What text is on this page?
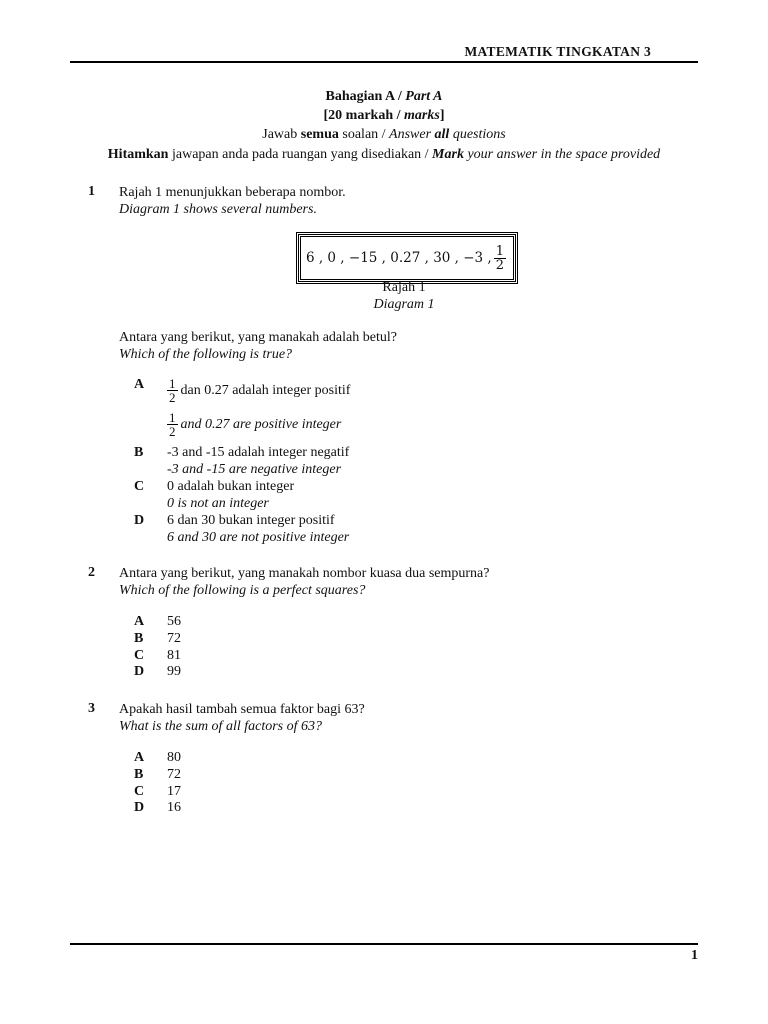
MATEMATIK TINGKATAN 3
Bahagian A / Part A
[20 markah / marks]
Jawab semua soalan / Answer all questions
Hitamkan jawapan anda pada ruangan yang disediakan / Mark your answer in the space provided
1 Rajah 1 menunjukkan beberapa nombor.
Diagram 1 shows several numbers.
6 , 0 , −15 , 0.27 , 30 , −3 , $\frac{1}{2}$
Rajah 1
Diagram 1
Antara yang berikut, yang manakah adalah betul?
Which of the following is true?
A $\frac{1}{2}$ dan 0.27 adalah integer positif
$\frac{1}{2}$ and 0.27 are positive integer
B -3 and -15 adalah integer negatif
-3 and -15 are negative integer
C 0 adalah bukan integer
0 is not an integer
D 6 dan 30 bukan integer positif
6 and 30 are not positive integer
2 Antara yang berikut, yang manakah nombor kuasa dua sempurna?
Which of the following is a perfect squares?
A 56
B 72
C 81
D 99
3 Apakah hasil tambah semua faktor bagi 63?
What is the sum of all factors of 63?
A 80
B 72
C 17
D 16
1
